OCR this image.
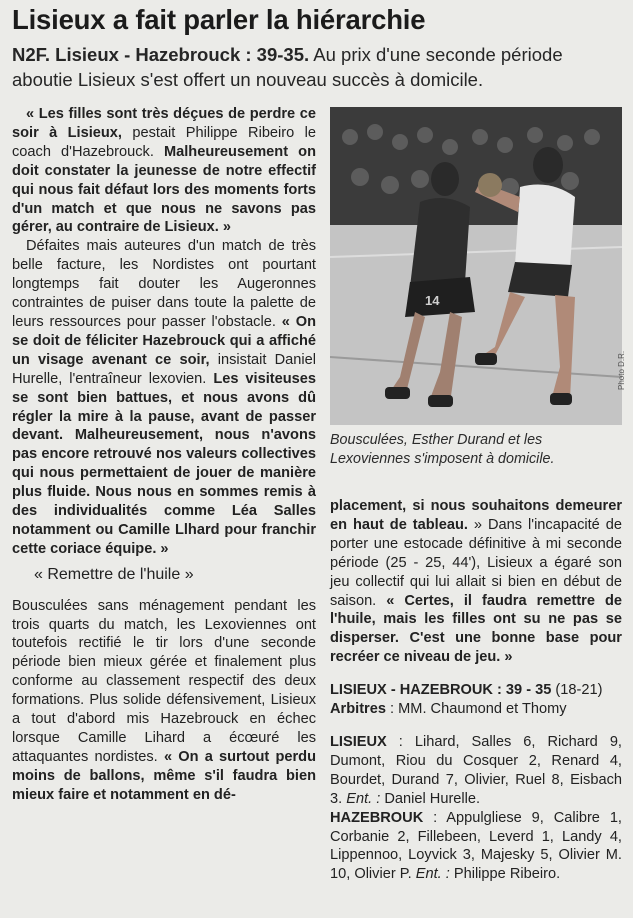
Lisieux a fait parler la hiérarchie
N2F. Lisieux - Hazebrouck : 39-35. Au prix d'une seconde période aboutie Lisieux s'est offert un nouveau succès à domicile.

« Les filles sont très déçues de perdre ce soir à Lisieux, pestait Philippe Ribeiro le coach d'Hazebrouck. Malheureusement on doit constater la jeunesse de notre effectif qui nous fait défaut lors des moments forts d'un match et que nous ne savons pas gérer, au contraire de Lisieux. »

Défaites mais auteures d'un match de très belle facture, les Nordistes ont pourtant longtemps fait douter les Augeronnes contraintes de puiser dans toute la palette de leurs ressources pour passer l'obstacle. « On se doit de féliciter Hazebrouck qui a affiché un visage avenant ce soir, insistait Daniel Hurelle, l'entraîneur lexovien. Les visiteuses se sont bien battues, et nous avons dû régler la mire à la pause, avant de passer devant. Malheureusement, nous n'avons pas encore retrouvé nos valeurs collectives qui nous permettaient de jouer de manière plus fluide. Nous nous en sommes remis à des individualités comme Léa Salles notamment ou Camille Llhard pour franchir cette coriace équipe. »

« Remettre de l'huile »

Bousculées sans ménagement pendant les trois quarts du match, les Lexoviennes ont toutefois rectifié le tir lors d'une seconde période bien mieux gérée et finalement plus conforme au classement respectif des deux formations. Plus solide défensivement, Lisieux a tout d'abord mis Hazebrouck en échec lorsque Camille Lihard a écœuré les attaquantes nordistes. « On a surtout perdu moins de ballons, même s'il faudra bien mieux faire et notamment en dé-

14
Photo D.R.
Bousculées, Esther Durand et les Lexoviennes s'imposent à domicile.

placement, si nous souhaitons demeurer en haut de tableau. » Dans l'incapacité de porter une estocade définitive à mi seconde période (25 - 25, 44'), Lisieux a égaré son jeu collectif qui lui allait si bien en début de saison. « Certes, il faudra remettre de l'huile, mais les filles ont su ne pas se disperser. C'est une bonne base pour recréer ce niveau de jeu. »

LISIEUX - HAZEBROUK : 39 - 35 (18-21)

Arbitres : MM. Chaumond et Thomy

LISIEUX : Lihard, Salles 6, Richard 9, Dumont, Riou du Cosquer 2, Renard 4, Bourdet, Durand 7, Olivier, Ruel 8, Eisbach 3. Ent. : Daniel Hurelle.

HAZEBROUK : Appulgliese 9, Calibre 1, Corbanie 2, Fillebeen, Leverd 1, Landy 4, Lippennoo, Loyvick 3, Majesky 5, Olivier M. 10, Olivier P. Ent. : Philippe Ribeiro.
